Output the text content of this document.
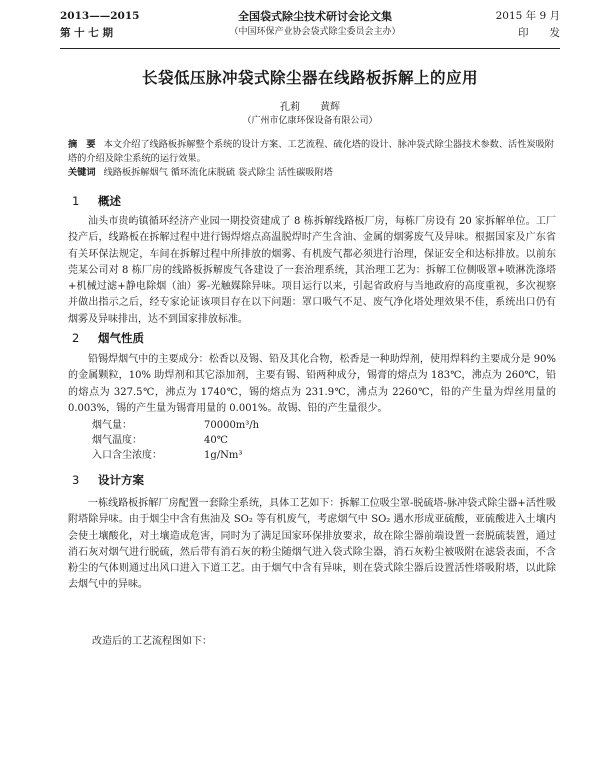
2013——2015
第 十 七 期
全国袋式除尘技术研讨会论文集
（中国环保产业协会袋式除尘委员会主办）
2015 年 9 月
印　　发
长袋低压脉冲袋式除尘器在线路板拆解上的应用
孔莉　　黄辉
（广州市亿康环保设备有限公司）
摘　要 本文介绍了线路板拆解整个系统的设计方案、工艺流程、硫化塔的设计、脉冲袋式除尘器技术参数、活性炭吸附塔的介绍及除尘系统的运行效果。
关键词 线路板拆解烟气 循环流化床脱硫 袋式除尘 活性碳吸附塔
1 概述
汕头市贵屿镇循环经济产业园一期投资建成了 8 栋拆解线路板厂房，每栋厂房设有 20 家拆解单位。工厂投产后，线路板在拆解过程中进行锡焊熔点高温脱焊时产生含油、金属的烟雾废气及异味。根据国家及广东省有关环保法规定，车间在拆解过程中所排放的烟雾、有机废气都必须进行治理，保证安全和达标排放。以前东莞某公司对 8 栋厂房的线路板拆解废气各建设了一套治理系统，其治理工艺为：拆解工位侧吸罩+喷淋洗涤塔+机械过滤+静电除烟（油）雾-光触媒除异味。项目运行以来，引起省政府与当地政府的高度重视，多次视察并做出指示之后，经专家论证该项目存在以下问题：罩口吸气不足、废气净化塔处理效果不佳，系统出口仍有烟雾及异味排出，达不到国家排放标准。
2 烟气性质
铅锡焊烟气中的主要成分：松香以及锡、铅及其化合物，松香是一种助焊剂，使用焊料约主要成分是 90% 的金属颗粒，10% 助焊剂和其它添加剂，主要有锡、铅两种成分，锡膏的熔点为 183℃，沸点为 260℃，铅的熔点为 327.5℃，沸点为 1740℃，锡的熔点为 231.9℃，沸点为 2260℃，铅的产生量为焊丝用量的 0.003%，锡的产生量为锡膏用量的 0.001%。故锡、铅的产生量很少。
烟气量：	70000m³/h
烟气温度：	40℃
入口含尘浓度：	1g/Nm³
3 设计方案
一栋线路板拆解厂房配置一套除尘系统，具体工艺如下：拆解工位吸尘罩-脱硫塔-脉冲袋式除尘器+活性吸附塔除异味。由于烟尘中含有焦油及 SO₂ 等有机废气，考虑烟气中 SO₂ 遇水形成亚硫酸，亚硫酸进入土壤内会使土壤酸化，对土壤造成危害，同时为了满足国家环保排放要求，故在除尘器前端设置一套脱硫装置，通过消石灰对烟气进行脱硫，然后带有消石灰的粉尘随烟气进入袋式除尘器，消石灰粉尘被吸附在滤袋表面，不含粉尘的气体则通过出风口进入下道工艺。由于烟气中含有异味，则在袋式除尘器后设置活性塔吸附塔，以此除去烟气中的异味。
改造后的工艺流程图如下：
